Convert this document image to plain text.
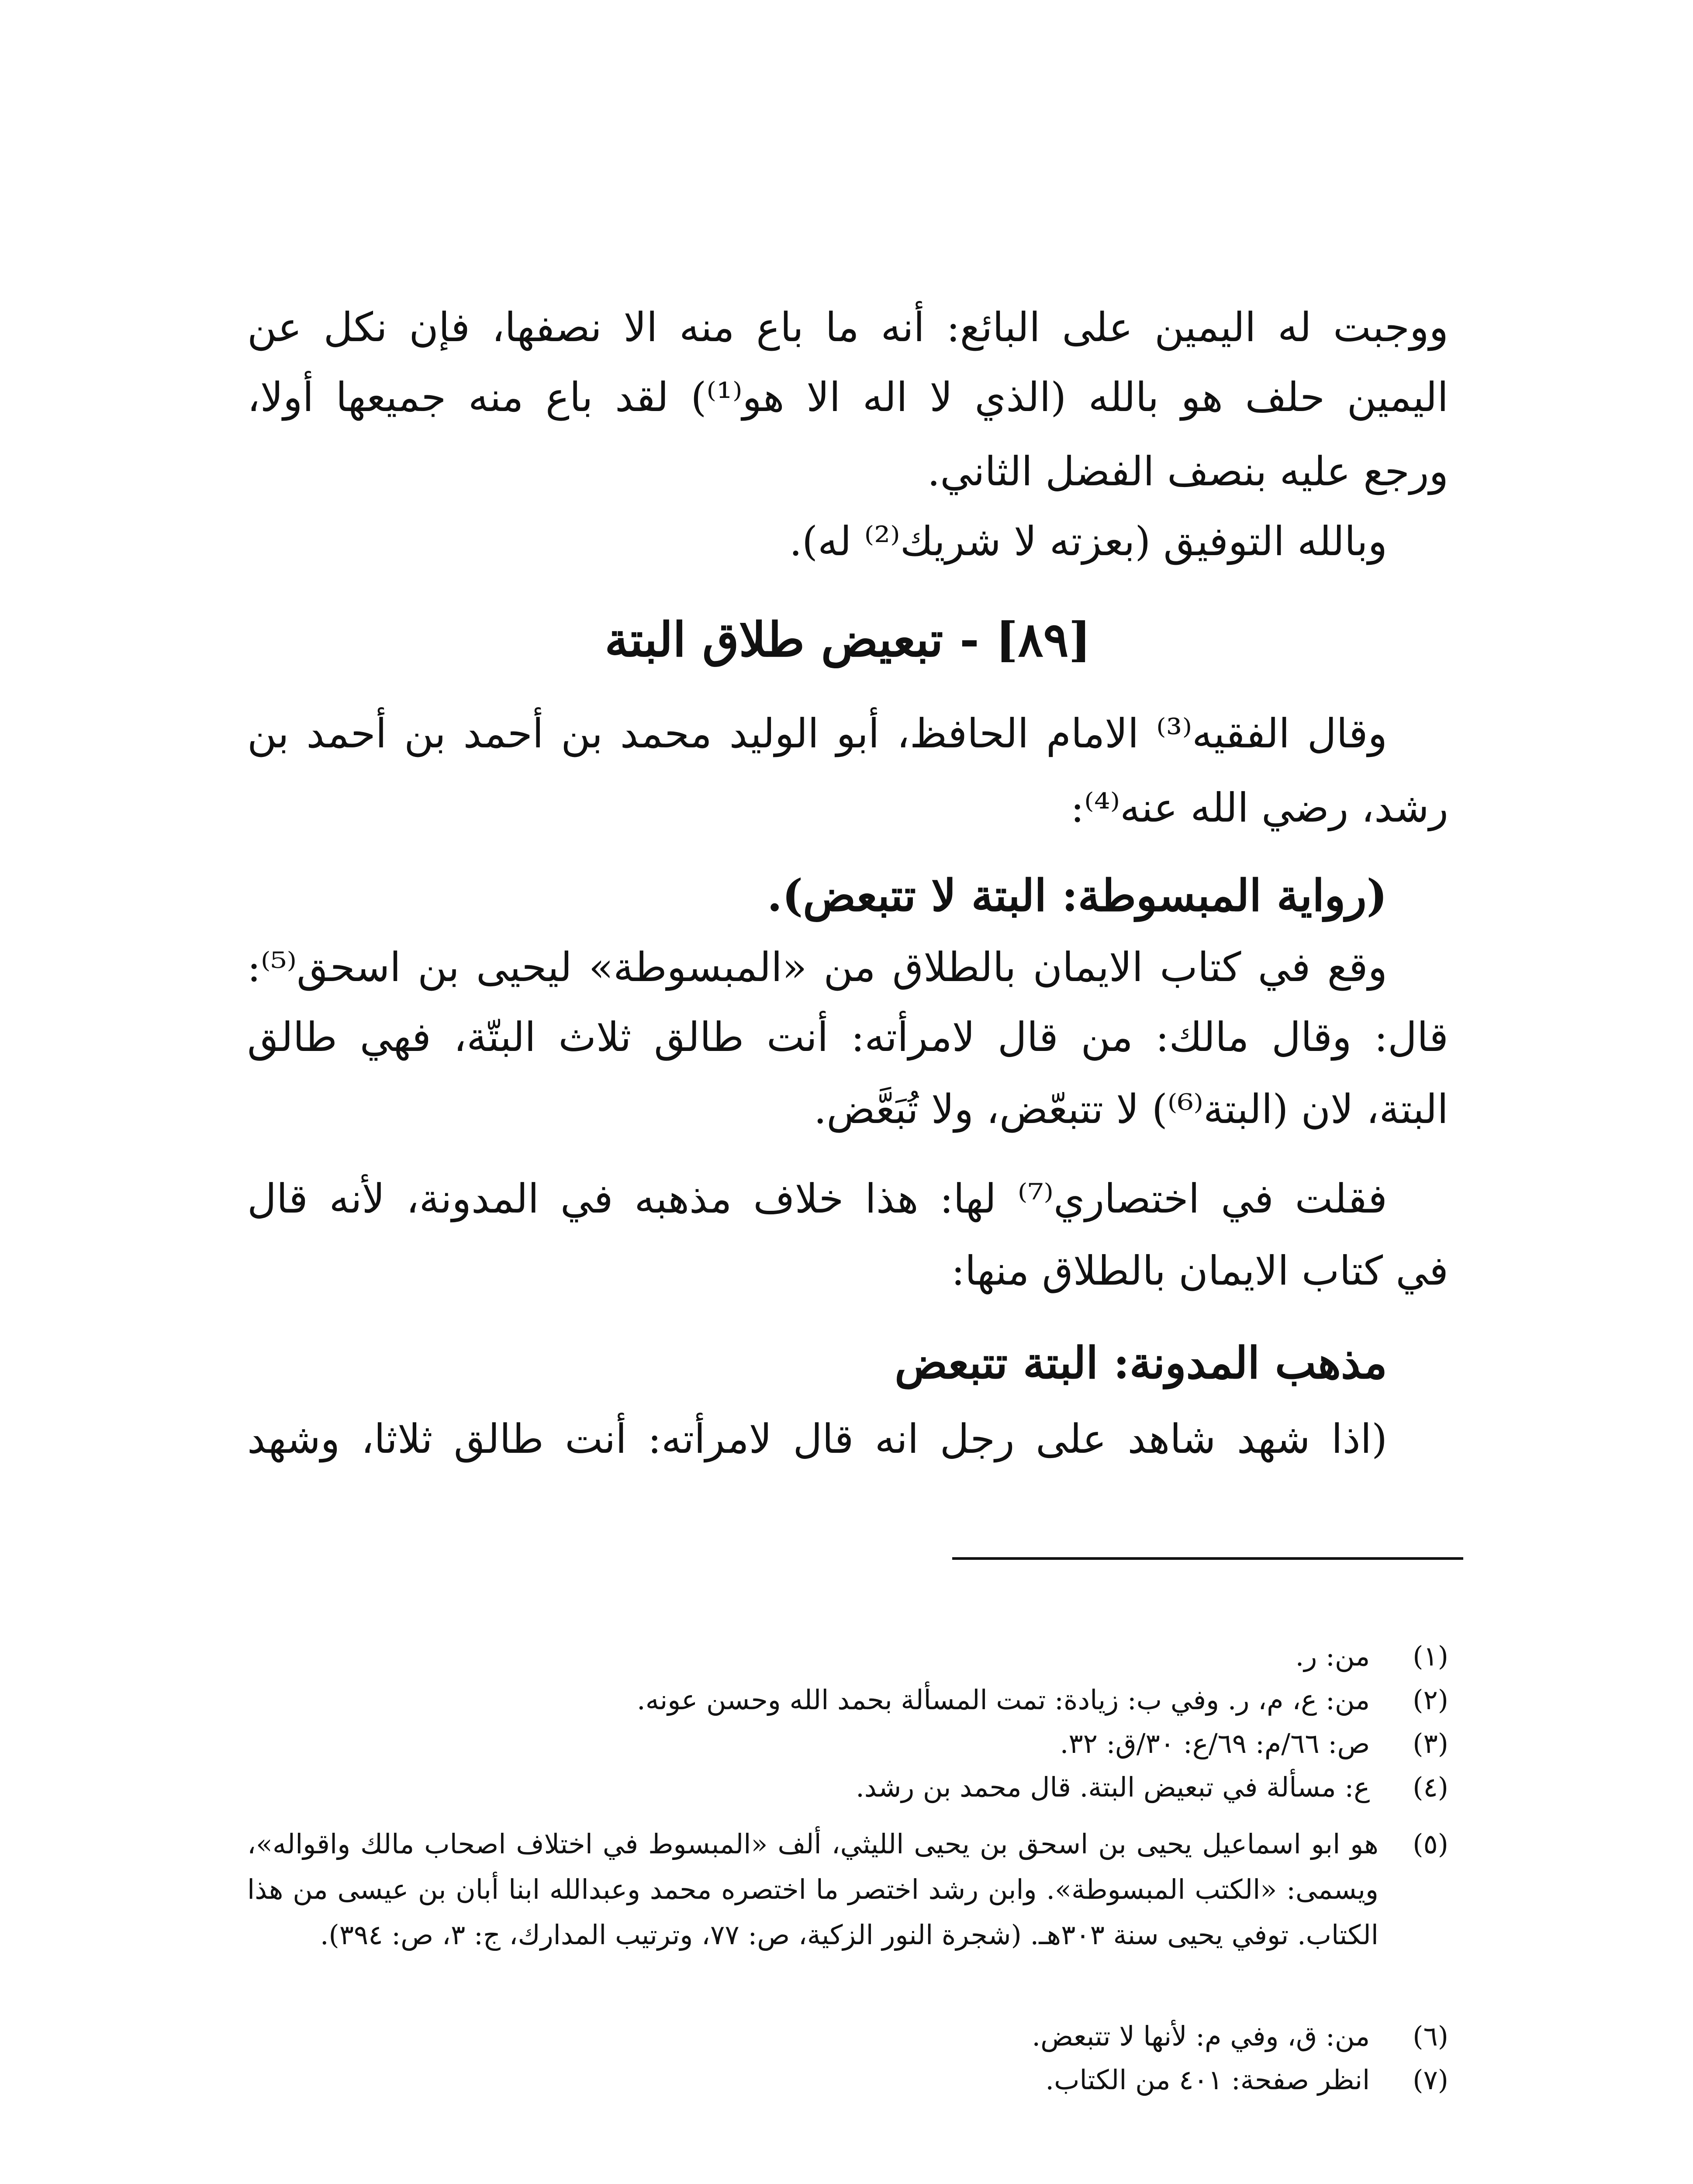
ووجبت له اليمين على البائع: أنه ما باع منه الا نصفها، فإن نكل عن
اليمين حلف هو بالله (الذي لا اله الا هو⁽¹⁾) لقد باع منه جميعها أولا،
ورجع عليه بنصف الفضل الثاني.
وبالله التوفيق (بعزته لا شريك⁽²⁾ له).
[٨٩] - تبعيض طلاق البتة
وقال الفقيه⁽³⁾ الامام الحافظ، أبو الوليد محمد بن أحمد بن أحمد بن
رشد، رضي الله عنه⁽⁴⁾:
(رواية المبسوطة: البتة لا تتبعض).
وقع في كتاب الايمان بالطلاق من «المبسوطة» ليحيى بن اسحق⁽⁵⁾:
قال: وقال مالك: من قال لامرأته: أنت طالق ثلاث البتّة، فهي طالق
البتة، لان (البتة⁽⁶⁾) لا تتبعّض، ولا تُبَعَّض.
فقلت في اختصاري⁽⁷⁾ لها: هذا خلاف مذهبه في المدونة، لأنه قال
في كتاب الايمان بالطلاق منها:
مذهب المدونة: البتة تتبعض
(اذا شهد شاهد على رجل انه قال لامرأته: أنت طالق ثلاثا، وشهد
(١) من: ر.
(٢) من: ع، م، ر. وفي ب: زيادة: تمت المسألة بحمد الله وحسن عونه.
(٣) ص: ٦٦/م: ٦٩/ع: ٣٠/ق: ٣٢.
(٤) ع: مسألة في تبعيض البتة. قال محمد بن رشد.
(٥)
هو ابو اسماعيل يحيى بن اسحق بن يحيى الليثي، ألف «المبسوط في اختلاف اصحاب مالك واقواله»، ويسمى: «الكتب المبسوطة». وابن رشد اختصر ما اختصره محمد وعبدالله ابنا أبان بن عيسى من هذا الكتاب. توفي يحيى سنة ٣٠٣هـ. (شجرة النور الزكية، ص: ٧٧، وترتيب المدارك، ج: ٣، ص: ٣٩٤).
(٦) من: ق، وفي م: لأنها لا تتبعض.
(٧) انظر صفحة: ٤٠١ من الكتاب.
